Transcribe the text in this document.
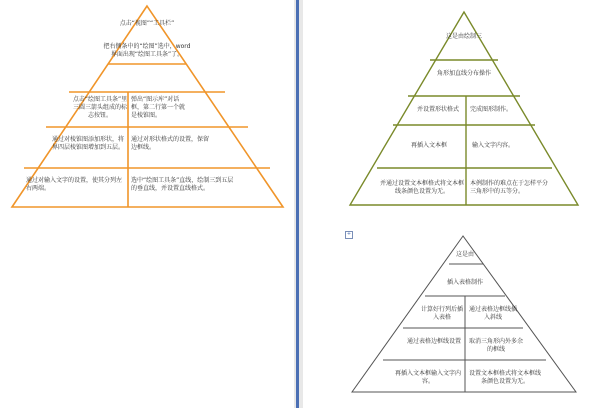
点击“视图”“工具栏”
把右侧条中的“绘图”选中，word界面出现“绘图工具条”了。
点击“绘图工具条”里三圆三箭头组成的标志按钮。
弹出“图示库”对话框，第二行第一个就是棱锥图。
通过对棱锥图添加形状，将界四层棱锥图增加到五层。
通过对形状格式的设置，保留边框线。
通过对输入文字的设置，使其分列左右两端。
选中“绘图工具条”直线，绘制三到五层的垂直线，并设置直线格式。
这是由绘制三
角形加直线分布操作
并设置形状格式	完成图形制作。
再插入文本框	输入文字内容。
并通过设置文本框格式将文本框线条颜色设置为无。
本例制作的难点在于怎样平分三角形中的五等分。
+
这是由
插入表格制作
计算好行列后插入表格
通过表格边框线插入斜线
通过表格边框线设置	取消三角形内外多余的框线
再插入文本框输入文字内容。
设置文本框格式将文本框线条颜色设置为无。
